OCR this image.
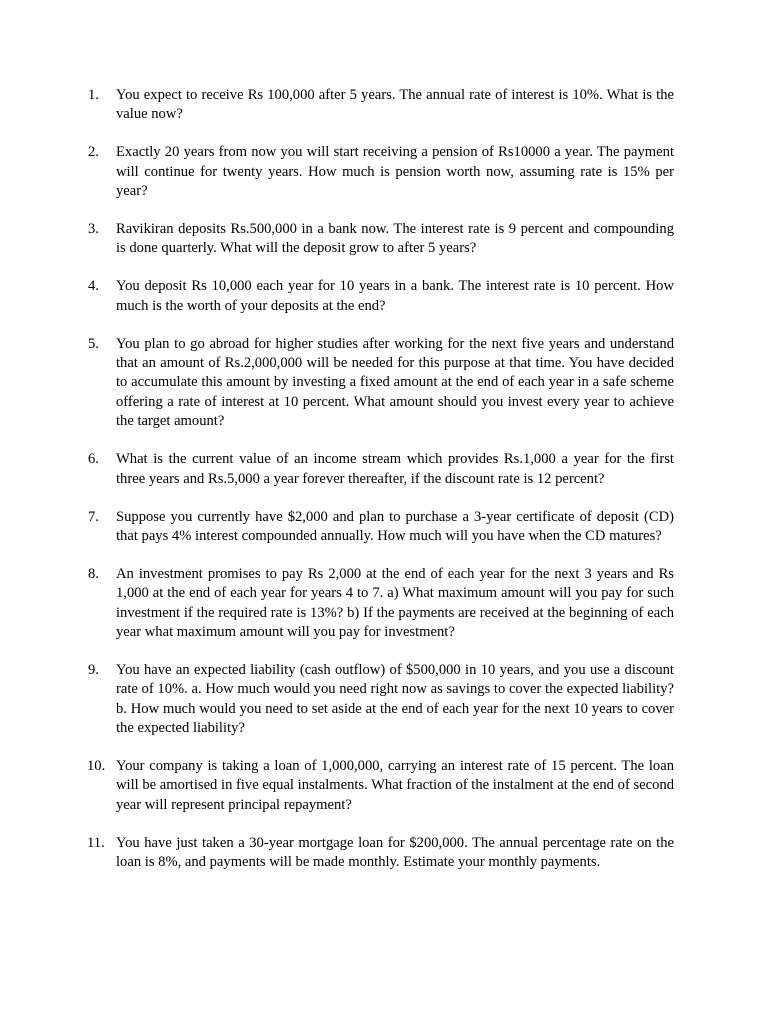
1.	You expect to receive Rs 100,000 after 5 years. The annual rate of interest is 10%. What is the value now?
2.	Exactly 20 years from now you will start receiving a pension of Rs10000 a year. The payment will continue for twenty years. How much is pension worth now, assuming rate is 15% per year?
3.	Ravikiran deposits Rs.500,000 in a bank now. The interest rate is 9 percent and compounding is done quarterly. What will the deposit grow to after 5 years?
4.	You deposit Rs 10,000 each year for 10 years in a bank. The interest rate is 10 percent. How much is the worth of your deposits at the end?
5.	You plan to go abroad for higher studies after working for the next five years and understand that an amount of Rs.2,000,000 will be needed for this purpose at that time. You have decided to accumulate this amount by investing a fixed amount at the end of each year in a safe scheme offering a rate of interest at 10 percent. What amount should you invest every year to achieve the target amount?
6.	What is the current value of an income stream which provides Rs.1,000 a year for the first three years and Rs.5,000 a year forever thereafter, if the discount rate is 12 percent?
7.	Suppose you currently have $2,000 and plan to purchase a 3-year certificate of deposit (CD) that pays 4% interest compounded annually. How much will you have when the CD matures?
8.	An investment promises to pay Rs 2,000 at the end of each year for the next 3 years and Rs 1,000 at the end of each year for years 4 to 7. a) What maximum amount will you pay for such investment if the required rate is 13%? b) If the payments are received at the beginning of each year what maximum amount will you pay for investment?
9.	You have an expected liability (cash outflow) of $500,000 in 10 years, and you use a discount rate of 10%. a. How much would you need right now as savings to cover the expected liability? b. How much would you need to set aside at the end of each year for the next 10 years to cover the expected liability?
10. Your company is taking a loan of 1,000,000, carrying an interest rate of 15 percent. The loan will be amortised in five equal instalments. What fraction of the instalment at the end of second year will represent principal repayment?
11. You have just taken a 30-year mortgage loan for $200,000. The annual percentage rate on the loan is 8%, and payments will be made monthly. Estimate your monthly payments.
